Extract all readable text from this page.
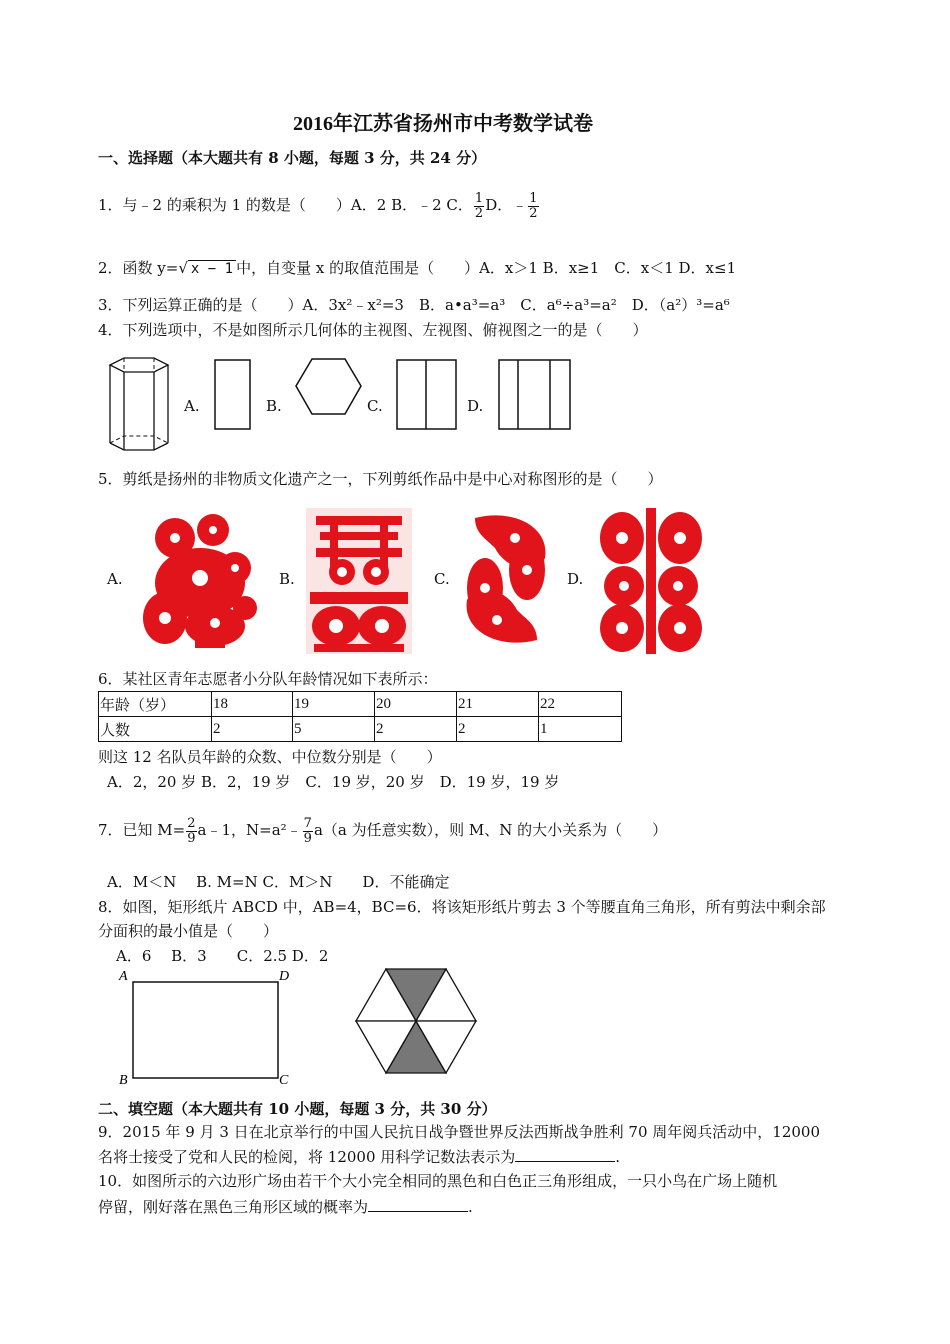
2016年江苏省扬州市中考数学试卷
一、选择题（本大题共有 8 小题，每题 3 分，共 24 分）
1．与﹣2 的乘积为 1 的数是（　　）A．2 B．﹣2 C． $\frac{1}{2}$ D．﹣ $\frac{1}{2}$
2．函数 y=√ x − 1 中，自变量 x 的取值范围是（　　）A．x＞1 B．x≥1　C．x＜1 D．x≤1
3．下列运算正确的是（　　）A．3x²﹣x²=3　B．a•a³=a³　C．a⁶÷a³=a²　D．（a²）³=a⁶
4．下列选项中，不是如图所示几何体的主视图、左视图、俯视图之一的是（　　）
A.	B.	C.	D.
5．剪纸是扬州的非物质文化遗产之一，下列剪纸作品中是中心对称图形的是（　　）
A.	B.	C.	D.
6．某社区青年志愿者小分队年龄情况如下表所示：
年龄（岁）	18	19	20	21	22
人数	2	5	2	2	1
则这 12 名队员年龄的众数、中位数分别是（　　）
A．2，20 岁 B．2，19 岁　C．19 岁，20 岁　D．19 岁，19 岁
7．已知 $M= \frac{2}{9}$ a﹣1，N=a²﹣ $\frac{7}{9} a(a$ 为任意实数），则 M、N 的大小关系为（　　）
A．M＜N　 B. M=N C．M＞N　　D．不能确定
8．如图，矩形纸片 ABCD 中，AB=4，BC=6．将该矩形纸片剪去 3 个等腰直角三角形，所有剪法中剩余部
分面积的最小值是（　　）
A．6　 B．3　　C．2.5 D．2
A	D
B	C
二、填空题（本大题共有 10 小题，每题 3 分，共 30 分）
9．2015 年 9 月 3 日在北京举行的中国人民抗日战争暨世界反法西斯战争胜利 70 周年阅兵活动中，12000
名将士接受了党和人民的检阅，将 12000 用科学记数法表示为	.
10．如图所示的六边形广场由若干个大小完全相同的黑色和白色正三角形组成，一只小鸟在广场上随机
停留，刚好落在黑色三角形区域的概率为	.
